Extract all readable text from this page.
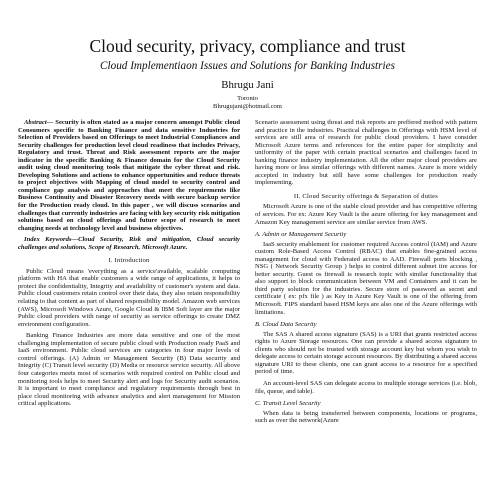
Cloud security, privacy, compliance and trust
Cloud Implementiaon Issues and Solutions for Banking Industries
Bhrugu Jani
Toronto
Bhrugujani@hotmail.com

Abstract— Security is often stated as a major concern amongst Public cloud Consumers specific to Banking Finance and data sensitive Industries for Selection of Providers based on Offerings to meet Industrial Compliances and Security challenges for production level cloud readiness that includes Privacy, Regulatory and trust. Threat and Risk assessment reports are the major indicator in the specific Banking & Finance domain for the Cloud Security audit using cloud monitoring tools that mitigate the cyber threat and risk. Developing Solutions and actions to enhance opportunities and reduce threats to project objectives with Mapping of cloud model to security control and compliance gap analysis and approaches that meet the requirements like Business Continuity and Disaster Recovery needs with secure backup service for the Production ready cloud. In this paper , we will discuss scenarios and challenges that currently industries are facing with key security risk mitigation solutions based on cloud offerings and future scope of research to meet changing needs at technology level and business objectives.

Index Keywords—Cloud Security, Risk and mitigation, Cloud security challenges and solutions, Scope of Research, Microsoft Azure.

I. Introduction

Public Cloud means 'everything as a service'available, scalable computing platform with HA that enable customers a wide range of applications, it helps to protect the confidentiality, Integrity and availability of customer's system and data. Public cloud customers retain control over their data, they also retain responsibility relating to that content as part of shared responsibility model. Amazon web services (AWS), Microsoft Windows Azure, Google Cloud & IBM Soft layer are the major Public cloud providers with range of security as service offerings to create DMZ environment configuration.

Banking Finance Industries are more data sensitive and one of the most challenging implementation of secure public cloud with Production ready PaaS and IaaS environment. Public cloud services are categories in four major levels of control offerings. (A) Admin or Management Security (B) Data security and Integrity (C) Transit level security (D) Media or resource service security. All above four categories meets most of scenarios with required control on Public cloud and monitoring tools helps to meet Security alert and logs for Security audit scenarios. It is important to meet compliance and regulatory requirements through best in place cloud monitoring with advance analytics and alert management for Mission critical applications.

Scenario assessment using threat and risk reports are preffered method with pattern and practice in the industries. Practical challenges in Offerings with HSM level of services are still area of research for public cloud providers. I have consider Microsoft Azure terms and references for the entire paper for simplicity and uniformity of the paper with certain practical scenarios and challenges faced in banking finance industry implementation. All the other major cloud providers are having more or less similar offerings with different names. Azure is more widely accepted in industry but still have some challenges for production ready implementing.

II. Cloud Security offerings & Separation of duties

Microsoft Azure is one of the stable cloud provider and has competitive offering of services. For ex: Azure Key Vault is the azure offering for key management and Amazon Key management service are similar service from AWS.

A. Admin or Management Security

IaaS security enablement for customer required Access control (IAM) and Azure custom Role-Based Access Control (RBAC) that enables fine-grained access management for cloud with Federated access to AAD. Firewall ports blocking , NSG ( Network Security Group ) helps to control different subnet tire access for better security. Guest os firewall is research topic with similar functionality that also support to block communication between VM and Containers and it can be third party solution for the industries. Secure store of password as secret and certificate ( ex: pfx file ) as Key in Azure Key Vault is one of the offering from Microsoft. FIPS standard based HSM keys are also one of the Azure offerings with limitations.

B. Cloud Data Security

The SAS A shared access signature (SAS) is a URI that grants restricted access rights to Azure Storage resources. One can provide a shared access signature to clients who should not be trusted with storage account key but whom you wish to delegate access to certain storage account resources. By distributing a shared access signature URI to these clients, one can grant access to a resource for a specified period of time.

An account-level SAS can delegate access to multiple storage services (i.e. blob, file, queue, and table).

C. Transit Level Security

When data is being transferred between components, locations or programs, such as over the network(Azure
